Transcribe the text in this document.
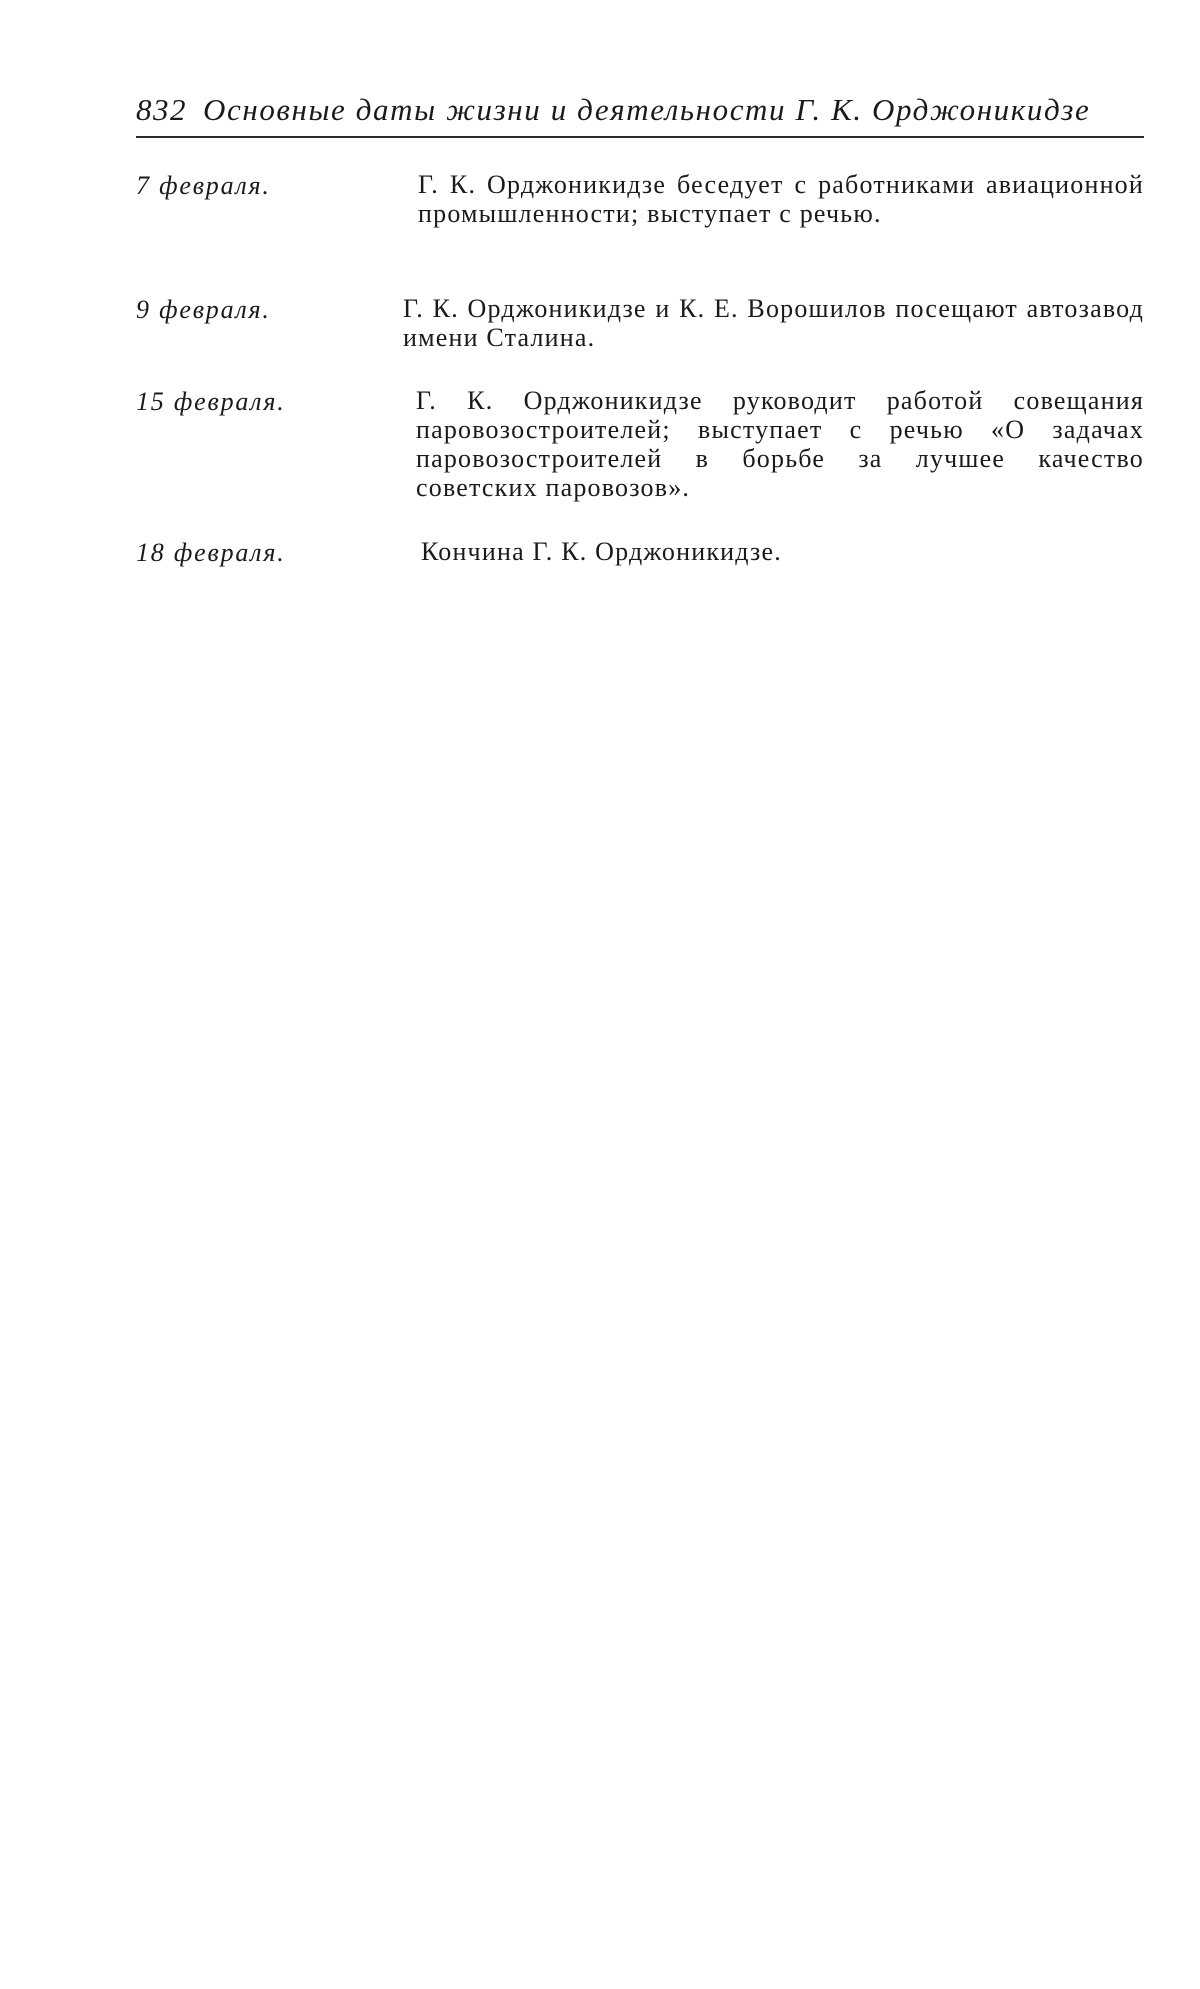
832 Основные даты жизни и деятельности Г. К. Орджоникидзе
7 февраля.	Г. К. Орджоникидзе беседует с работниками авиационной промышленности; выступает с речью.
9 февраля.	Г. К. Орджоникидзе и К. Е. Ворошилов посещают автозавод имени Сталина.
15 февраля.	Г. К. Орджоникидзе руководит работой совещания паровозостроителей; выступает с речью «О задачах паровозостроителей в борьбе за лучшее качество советских паровозов».
18 февраля.	Кончина Г. К. Орджоникидзе.
